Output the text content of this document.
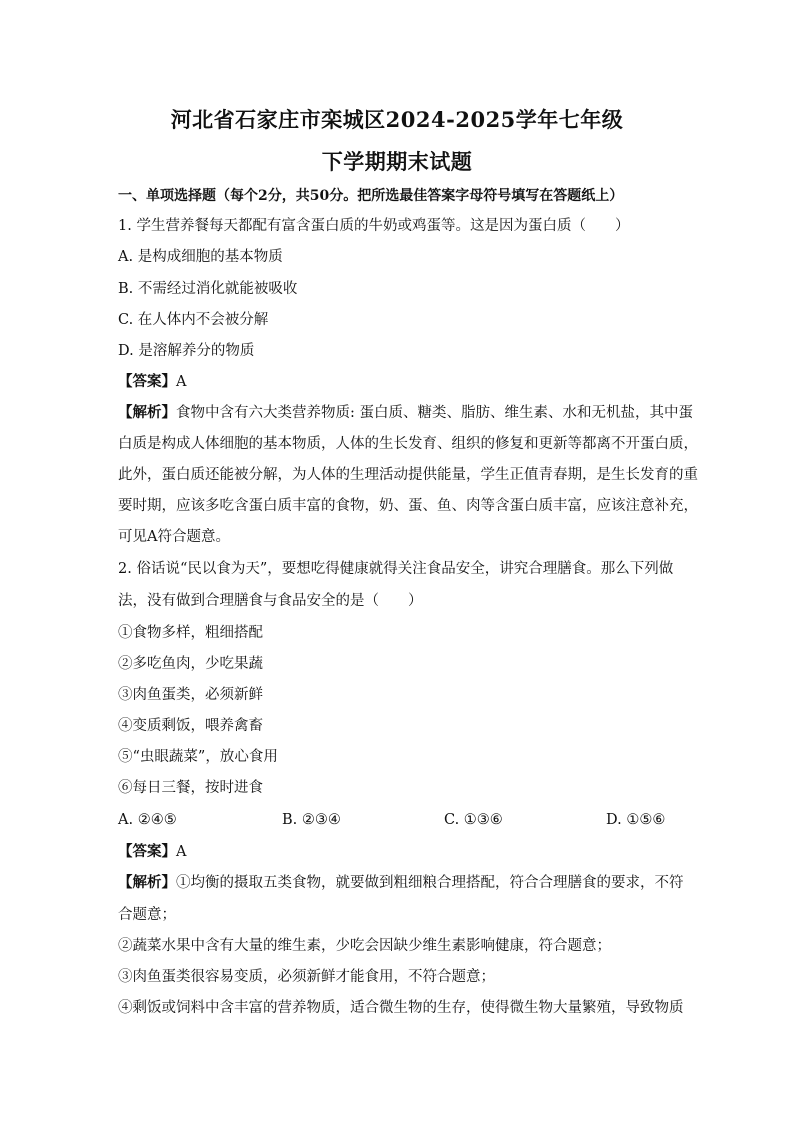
河北省石家庄市栾城区2024-2025学年七年级
下学期期末试题
一、单项选择题（每个2分，共50分。把所选最佳答案字母符号填写在答题纸上）
1. 学生营养餐每天都配有富含蛋白质的牛奶或鸡蛋等。这是因为蛋白质（　　）
A. 是构成细胞的基本物质
B. 不需经过消化就能被吸收
C. 在人体内不会被分解
D. 是溶解养分的物质
【答案】A
【解析】食物中含有六大类营养物质: 蛋白质、糖类、脂肪、维生素、水和无机盐，其中蛋
白质是构成人体细胞的基本物质，人体的生长发育、组织的修复和更新等都离不开蛋白质，
此外，蛋白质还能被分解，为人体的生理活动提供能量，学生正值青春期，是生长发育的重
要时期，应该多吃含蛋白质丰富的食物，奶、蛋、鱼、肉等含蛋白质丰富，应该注意补充，
可见A符合题意。
2. 俗话说“民以食为天”，要想吃得健康就得关注食品安全，讲究合理膳食。那么下列做
法，没有做到合理膳食与食品安全的是（　　）
①食物多样，粗细搭配
②多吃鱼肉，少吃果蔬
③肉鱼蛋类，必须新鲜
④变质剩饭，喂养禽畜
⑤“虫眼蔬菜”，放心食用
⑥每日三餐，按时进食
A. ②④⑤	B. ②③④	C. ①③⑥	D. ①⑤⑥
【答案】A
【解析】①均衡的摄取五类食物，就要做到粗细粮合理搭配，符合合理膳食的要求，不符
合题意；
②蔬菜水果中含有大量的维生素，少吃会因缺少维生素影响健康，符合题意；
③肉鱼蛋类很容易变质，必须新鲜才能食用，不符合题意；
④剩饭或饲料中含丰富的营养物质，适合微生物的生存，使得微生物大量繁殖，导致物质
